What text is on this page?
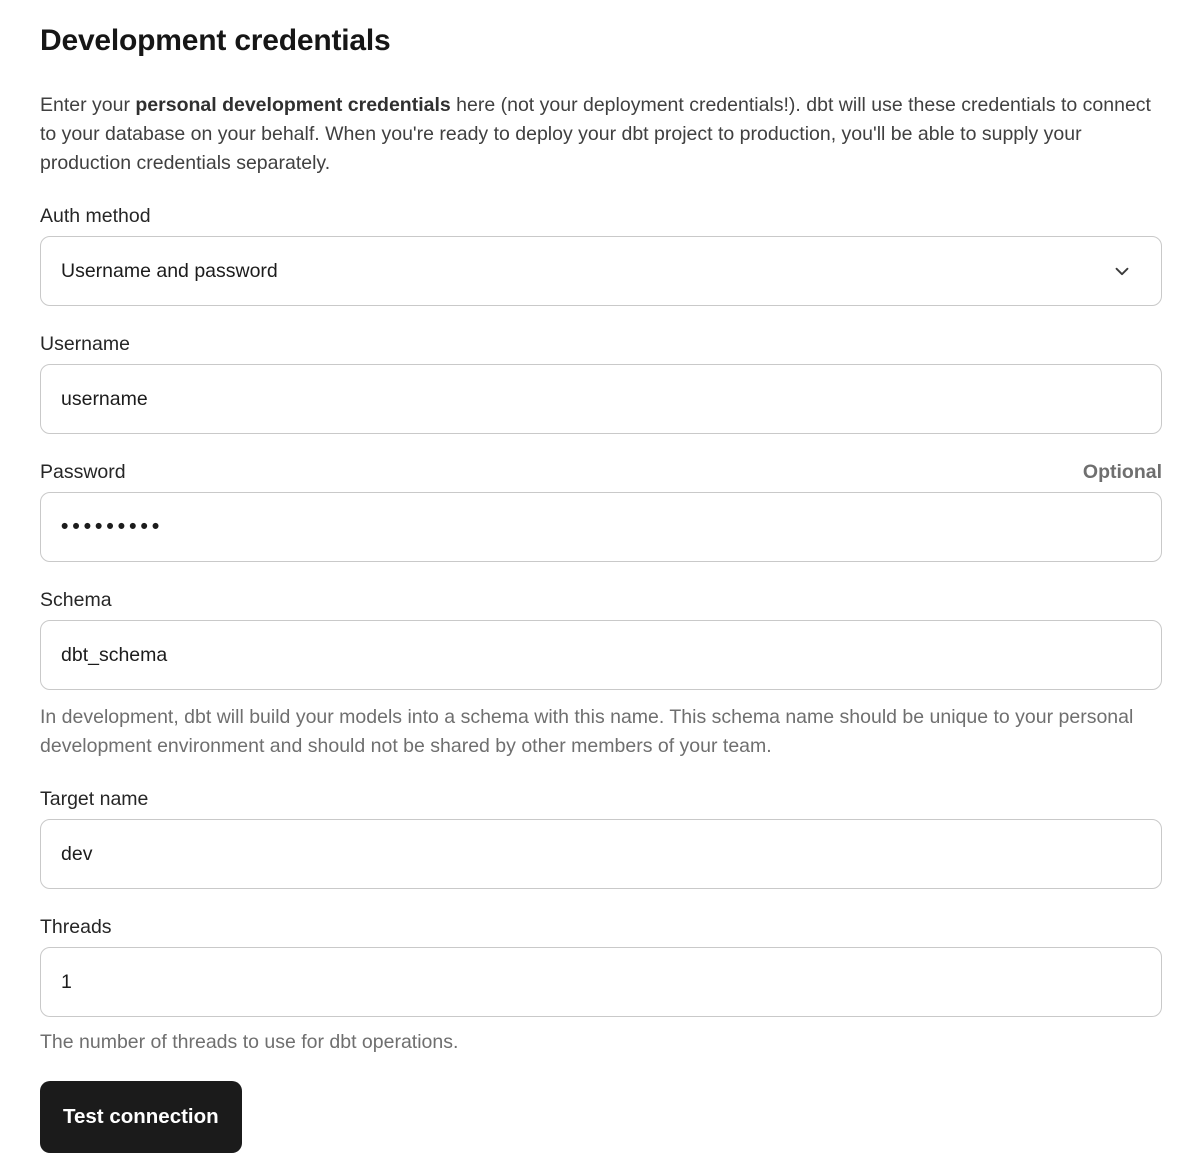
Development credentials

Enter your personal development credentials here (not your deployment credentials!). dbt will use these credentials to connect to your database on your behalf. When you're ready to deploy your dbt project to production, you'll be able to supply your production credentials separately.

Auth method
Username and password
Username
username
Password	Optional
•••••••••
Schema
dbt_schema
In development, dbt will build your models into a schema with this name. This schema name should be unique to your personal development environment and should not be shared by other members of your team.
Target name
dev
Threads
1
The number of threads to use for dbt operations.
Test connection
